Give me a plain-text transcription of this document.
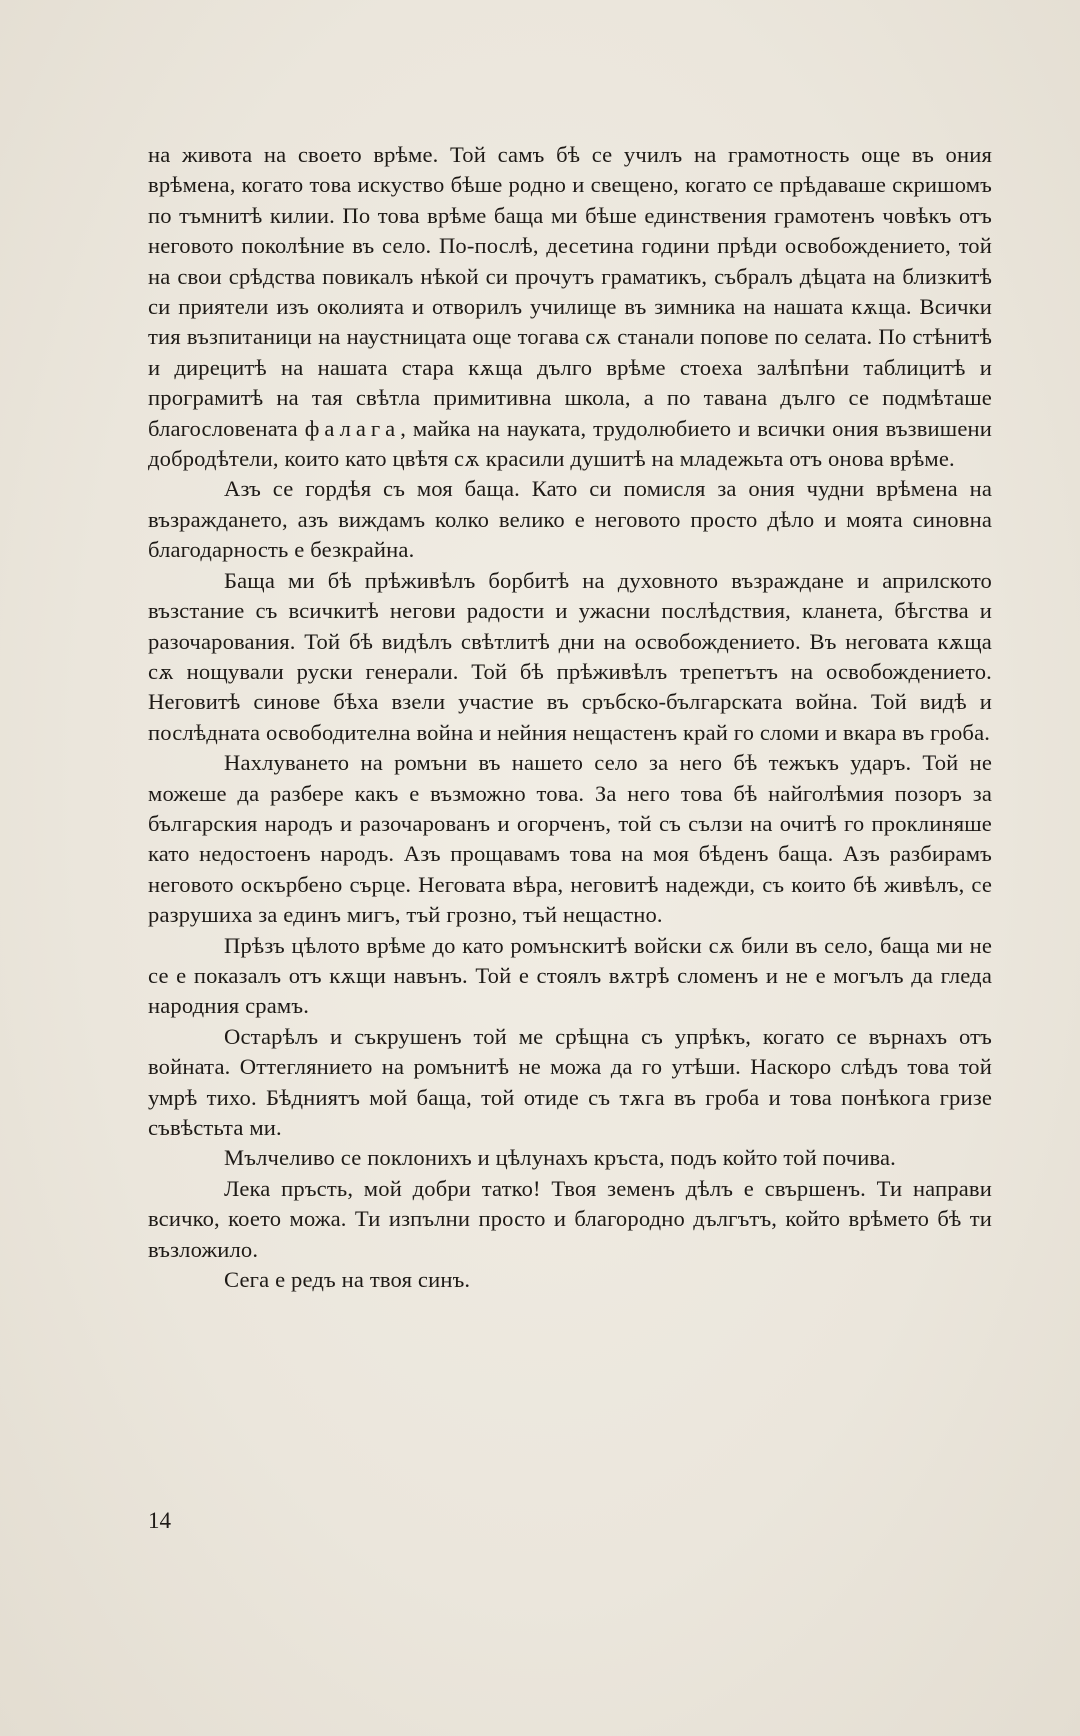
на живота на своето врѣме. Той самъ бѣ се училъ на грамотность още въ ония врѣмена, когато това искуство бѣше родно и свещено, когато се прѣдаваше скришомъ по тъмнитѣ килии. По това врѣме баща ми бѣше единствения грамотенъ човѣкъ отъ неговото поколѣние въ село. По-послѣ, десетина години прѣди освобождението, той на свои срѣдства повикалъ нѣкой си прочутъ граматикъ, събралъ дѣцата на близкитѣ си приятели изъ околията и отворилъ училище въ зимника на нашата кѫща. Всички тия възпитаници на наустницата още тогава сѫ станали попове по селата. По стѣнитѣ и дирецитѣ на нашата стара кѫща дълго врѣме стоеха залѣпѣни таблицитѣ и програмитѣ на тая свѣтла примитивна школа, а по тавана дълго се подмѣташе благословената фалага, майка на науката, трудолюбието и всички ония възвишени добродѣтели, които като цвѣтя сѫ красили душитѣ на младежьта отъ онова врѣме.

Азъ се гордѣя съ моя баща. Като си помисля за ония чудни врѣмена на възраждането, азъ виждамъ колко велико е неговото просто дѣло и моята синовна благодарность е безкрайна.

Баща ми бѣ прѣживѣлъ борбитѣ на духовното възраждане и априлското възстание съ всичкитѣ негови радости и ужасни послѣдствия, кланета, бѣгства и разочарования. Той бѣ видѣлъ свѣтлитѣ дни на освобождението. Въ неговата кѫща сѫ нощували руски генерали. Той бѣ прѣживѣлъ трепетътъ на освобождението. Неговитѣ синове бѣха взели участие въ сръбско-българската война. Той видѣ и послѣдната освободителна война и нейния нещастенъ край го сломи и вкара въ гроба.

Нахлуването на ромъни въ нашето село за него бѣ тежъкъ ударъ. Той не можеше да разбере какъ е възможно това. За него това бѣ найголѣмия позоръ за българския народъ и разочарованъ и огорченъ, той съ сълзи на очитѣ го проклиняше като недостоенъ народъ. Азъ прощавамъ това на моя бѣденъ баща. Азъ разбирамъ неговото оскърбено сърце. Неговата вѣра, неговитѣ надежди, съ които бѣ живѣлъ, се разрушиха за единъ мигъ, тъй грозно, тъй нещастно.

Прѣзъ цѣлото врѣме до като ромънскитѣ войски сѫ били въ село, баща ми не се е показалъ отъ кѫщи навънъ. Той е стоялъ вѫтрѣ сломенъ и не е могълъ да гледа народния срамъ.

Остарѣлъ и съкрушенъ той ме срѣщна съ упрѣкъ, когато се върнахъ отъ войната. Оттеглянието на ромънитѣ не можа да го утѣши. Наскоро слѣдъ това той умрѣ тихо. Бѣдниятъ мой баща, той отиде съ тѫга въ гроба и това понѣкога гризе съвѣстьта ми.

Мълчеливо се поклонихъ и цѣлунахъ кръста, подъ който той почива.

Лека пръсть, мой добри татко! Твоя земенъ дѣлъ е свършенъ. Ти направи всичко, което можа. Ти изпълни просто и благородно дългътъ, който врѣмето бѣ ти възложило.

Сега е редъ на твоя синъ.

14
